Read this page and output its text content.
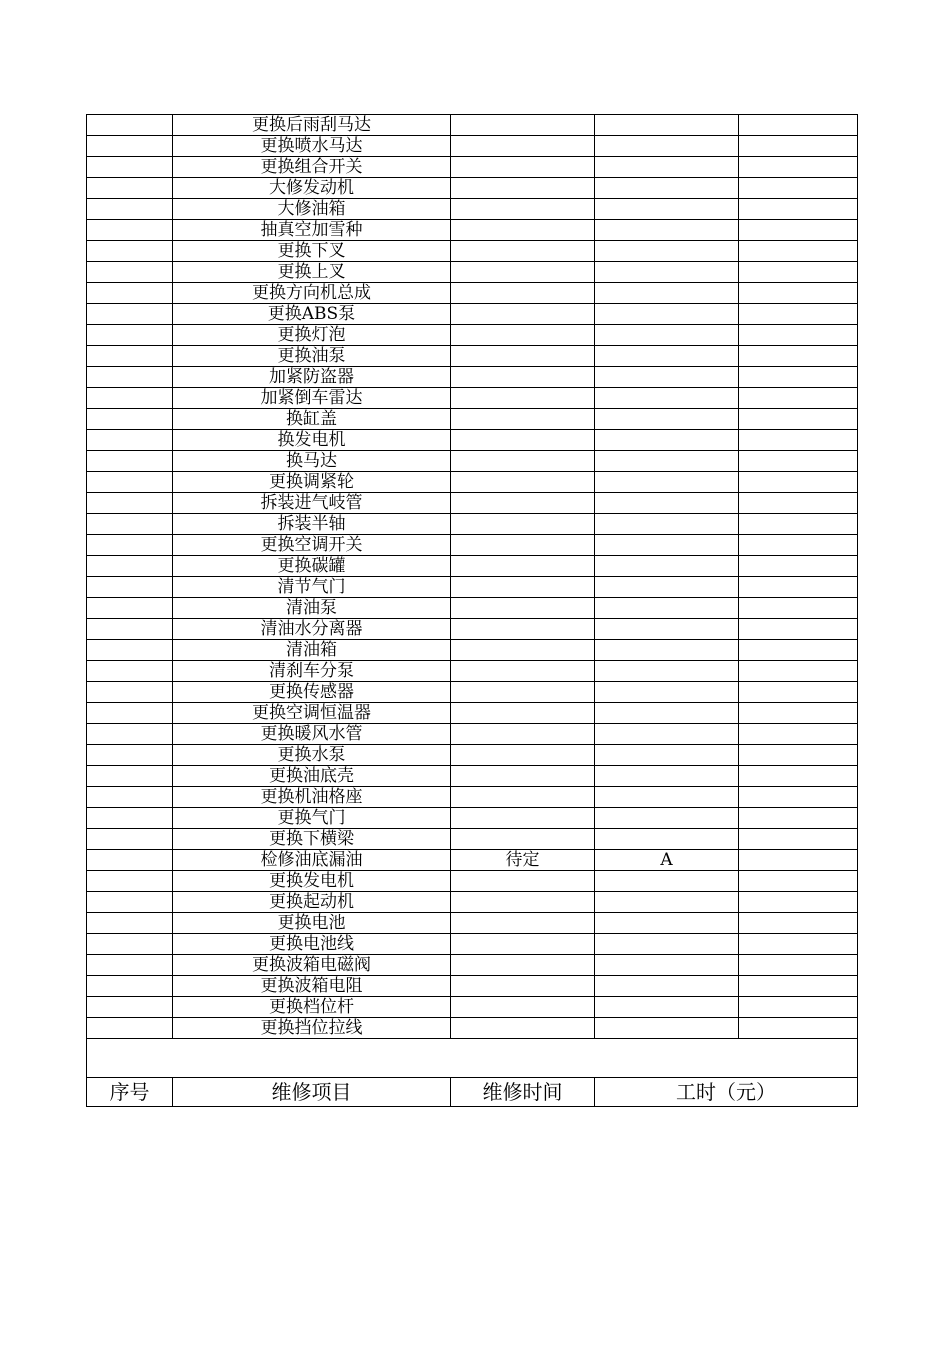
	更换后雨刮马达			
	更换喷水马达			
	更换组合开关			
	大修发动机			
	大修油箱			
	抽真空加雪种			
	更换下叉			
	更换上叉			
	更换方向机总成			
	更换ABS泵			
	更换灯泡			
	更换油泵			
	加紧防盗器			
	加紧倒车雷达			
	换缸盖			
	换发电机			
	换马达			
	更换调紧轮			
	拆装进气岐管			
	拆装半轴			
	更换空调开关			
	更换碳罐			
	清节气门			
	清油泵			
	清油水分离器			
	清油箱			
	清刹车分泵			
	更换传感器			
	更换空调恒温器			
	更换暖风水管			
	更换水泵			
	更换油底壳			
	更换机油格座			
	更换气门			
	更换下横梁			
	检修油底漏油	待定	A	
	更换发电机			
	更换起动机			
	更换电池			
	更换电池线			
	更换波箱电磁阀			
	更换波箱电阻			
	更换档位杆			
	更换挡位拉线			

序号	维修项目	维修时间	工时（元）	
